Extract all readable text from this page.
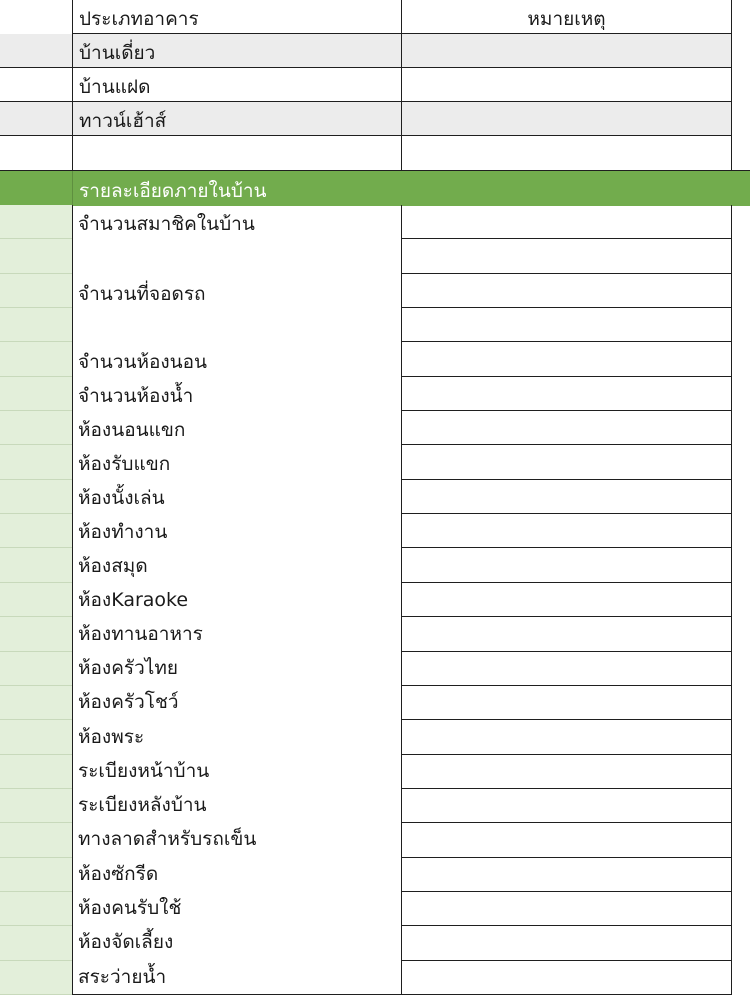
ประเภทอาคาร	หมายเหตุ
บ้านเดี่ยว
บ้านแฝด
ทาวน์เฮ้าส์
รายละเอียดภายในบ้าน
จำนวนสมาชิคในบ้าน
จำนวนที่จอดรถ
จำนวนห้องนอน
จำนวนห้องน้ำ
ห้องนอนแขก
ห้องรับแขก
ห้องนั้งเล่น
ห้องทำงาน
ห้องสมุด
ห้องKaraoke
ห้องทานอาหาร
ห้องครัวไทย
ห้องครัวโชว์
ห้องพระ
ระเบียงหน้าบ้าน
ระเบียงหลังบ้าน
ทางลาดสำหรับรถเข็น
ห้องซักรีด
ห้องคนรับใช้
ห้องจัดเลี้ยง
สระว่ายน้ำ
